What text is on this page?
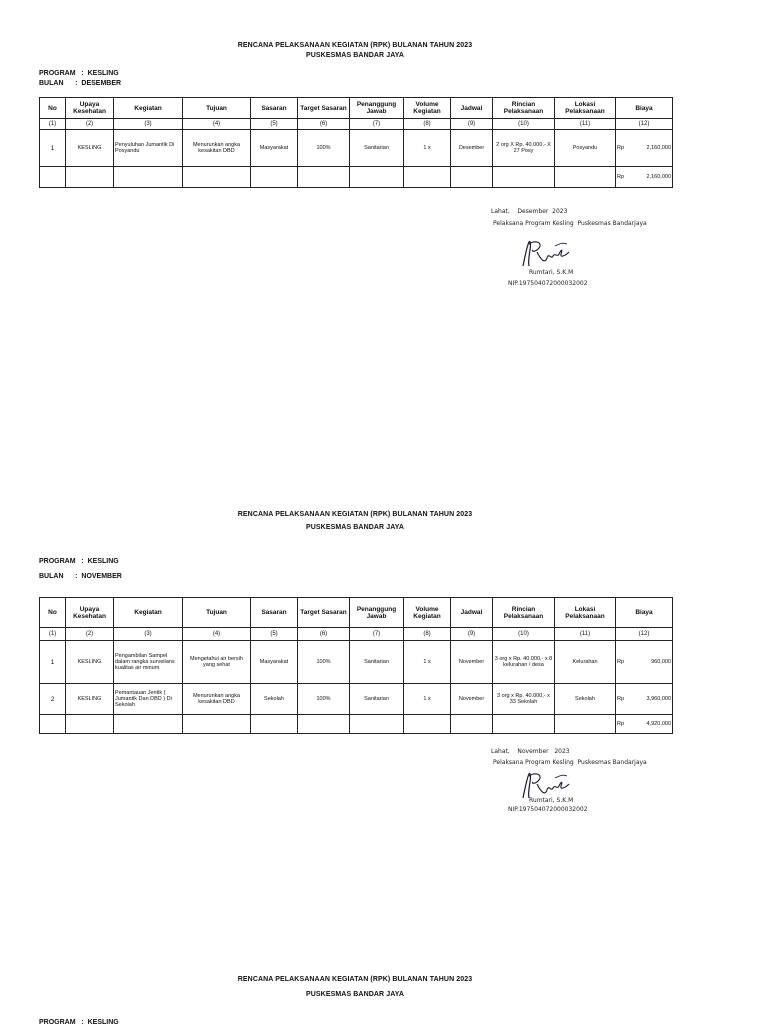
RENCANA PELAKSANAAN KEGIATAN (RPK) BULANAN TAHUN 2023
PUSKESMAS BANDAR JAYA
PROGRAM   :  KESLING
BULAN      :  DESEMBER
No	Upaya Kesehatan	Kegiatan	Tujuan	Sasaran	Target Sasaran	Penanggung Jawab	Volume Kegiatan	Jadwal	Rincian Pelaksanaan	Lokasi Pelaksanaan	Biaya
(1)	(2)	(3)	(4)	(5)	(6)	(7)	(8)	(9)	(10)	(11)	(12)
1	KESLING	Penyuluhan Jumantik Di Posyandu	Menurunkan angka kesakitan DBD	Masyarakat	100%	Sanitarian	1 x	Desember	2 org X Rp. 40.000,- X 27 Posy	Posyandu	Rp 2,160,000

											Rp 2,160,000
Lahat,    Desember  2023
Pelaksana Program Kesling  Puskesmas Bandarjaya
Rumtari, S.K.M
NIP.197504072000032002
RENCANA PELAKSANAAN KEGIATAN (RPK) BULANAN TAHUN 2023
PUSKESMAS BANDAR JAYA
PROGRAM   :  KESLING
BULAN      :  NOVEMBER
No	Upaya Kesehatan	Kegiatan	Tujuan	Sasaran	Target Sasaran	Penanggung Jawab	Volume Kegiatan	Jadwal	Rincian Pelaksanaan	Lokasi Pelaksanaan	Biaya
(1)	(2)	(3)	(4)	(5)	(6)	(7)	(8)	(9)	(10)	(11)	(12)
1	KESLING	Pengambilan Sampel dalam rangka surveilans kualitas air minum	Mengetahui air bersih yang sehat	Masyarakat	100%	Sanitarian	1 x	November	3 org x Rp. 40.000,- x 8 kelurahan / desa	Kelurahan	Rp 960,000

2	KESLING	Pemantauan Jentik ( Jumantik Dan DBD ) Di Sekolah	Menurunkan angka kesakitan DBD	Sekolah	100%	Sanitarian	1 x	November	3 org x Rp. 40.000,- x 33 Sekolah	Sekolah	Rp 3,960,000

											Rp 4,920,000
Lahat,    November   2023
Pelaksana Program Kesling  Puskesmas Bandarjaya
Rumtari, S.K.M
NIP.197504072000032002
RENCANA PELAKSANAAN KEGIATAN (RPK) BULANAN TAHUN 2023
PUSKESMAS BANDAR JAYA
PROGRAM   :  KESLING
